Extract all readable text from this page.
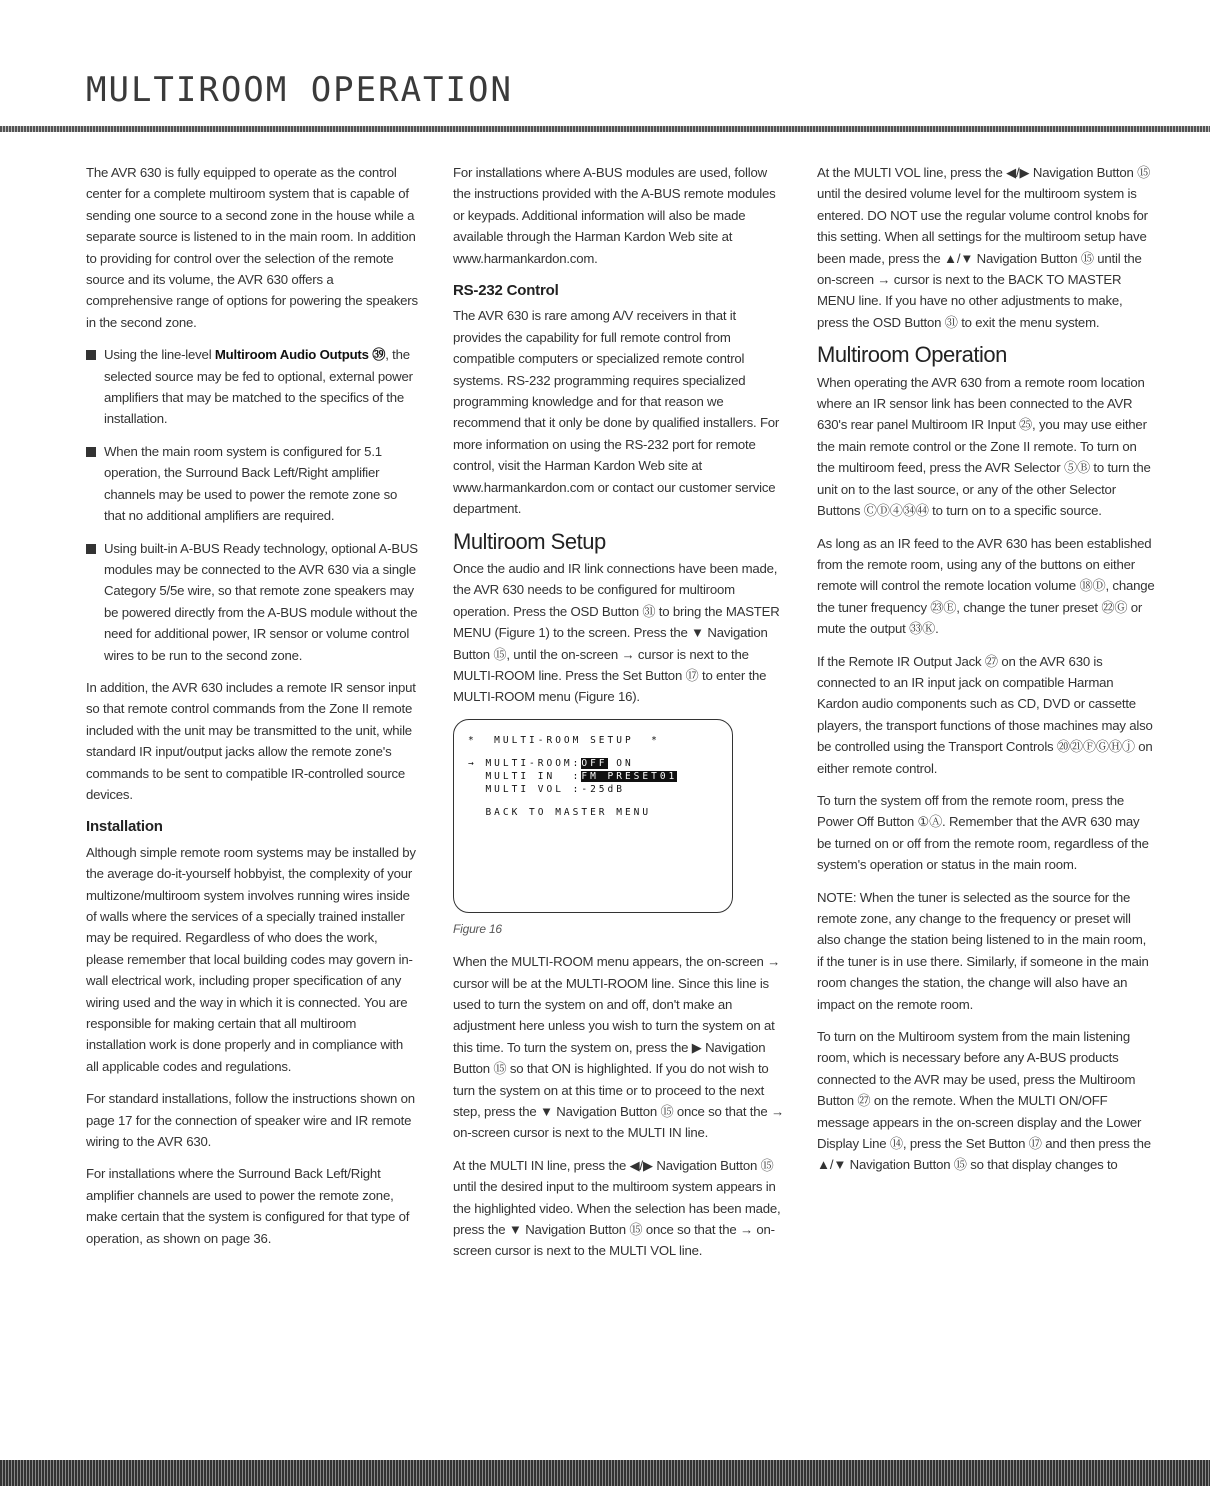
MULTIROOM OPERATION

The AVR 630 is fully equipped to operate as the control center for a complete multiroom system that is capable of sending one source to a second zone in the house while a separate source is listened to in the main room. In addition to providing for control over the selection of the remote source and its volume, the AVR 630 offers a comprehensive range of options for powering the speakers in the second zone.

Using the line-level Multiroom Audio Outputs ㊴, the selected source may be fed to optional, external power amplifiers that may be matched to the specifics of the installation.
When the main room system is configured for 5.1 operation, the Surround Back Left/Right amplifier channels may be used to power the remote zone so that no additional amplifiers are required.
Using built-in A-BUS Ready technology, optional A-BUS modules may be connected to the AVR 630 via a single Category 5/5e wire, so that remote zone speakers may be powered directly from the A-BUS module without the need for additional power, IR sensor or volume control wires to be run to the second zone.

In addition, the AVR 630 includes a remote IR sensor input so that remote control commands from the Zone II remote included with the unit may be transmitted to the unit, while standard IR input/output jacks allow the remote zone's commands to be sent to compatible IR-controlled source devices.

Installation

Although simple remote room systems may be installed by the average do-it-yourself hobbyist, the complexity of your multizone/multiroom system involves running wires inside of walls where the services of a specially trained installer may be required. Regardless of who does the work, please remember that local building codes may govern in-wall electrical work, including proper specification of any wiring used and the way in which it is connected. You are responsible for making certain that all multiroom installation work is done properly and in compliance with all applicable codes and regulations.

For standard installations, follow the instructions shown on page 17 for the connection of speaker wire and IR remote wiring to the AVR 630.

For installations where the Surround Back Left/Right amplifier channels are used to power the remote zone, make certain that the system is configured for that type of operation, as shown on page 36.

For installations where A-BUS modules are used, follow the instructions provided with the A-BUS remote modules or keypads. Additional information will also be made available through the Harman Kardon Web site at www.harmankardon.com.

RS-232 Control

The AVR 630 is rare among A/V receivers in that it provides the capability for full remote control from compatible computers or specialized remote control systems. RS-232 programming requires specialized programming knowledge and for that reason we recommend that it only be done by qualified installers. For more information on using the RS-232 port for remote control, visit the Harman Kardon Web site at www.harmankardon.com or contact our customer service department.

Multiroom Setup

Once the audio and IR link connections have been made, the AVR 630 needs to be configured for multiroom operation. Press the OSD Button ㉛ to bring the MASTER MENU (Figure 1) to the screen. Press the ▼ Navigation Button ⑮, until the on-screen → cursor is next to the MULTI-ROOM line. Press the Set Button ⑰ to enter the MULTI-ROOM menu (Figure 16).

*  MULTI-ROOM SETUP  *
→ MULTI-ROOM:OFF ON
MULTI IN  :FM PRESET01
MULTI VOL :-25dB
BACK TO MASTER MENU

Figure 16

When the MULTI-ROOM menu appears, the on-screen → cursor will be at the MULTI-ROOM line. Since this line is used to turn the system on and off, don't make an adjustment here unless you wish to turn the system on at this time. To turn the system on, press the ▶ Navigation Button ⑮ so that ON is highlighted. If you do not wish to turn the system on at this time or to proceed to the next step, press the ▼ Navigation Button ⑮ once so that the → on-screen cursor is next to the MULTI IN line.

At the MULTI IN line, press the ◀/▶ Navigation Button ⑮ until the desired input to the multiroom system appears in the highlighted video. When the selection has been made, press the ▼ Navigation Button ⑮ once so that the → on-screen cursor is next to the MULTI VOL line.

At the MULTI VOL line, press the ◀/▶ Navigation Button ⑮ until the desired volume level for the multiroom system is entered. DO NOT use the regular volume control knobs for this setting. When all settings for the multiroom setup have been made, press the ▲/▼ Navigation Button ⑮ until the on-screen → cursor is next to the BACK TO MASTER MENU line. If you have no other adjustments to make, press the OSD Button ㉛ to exit the menu system.

Multiroom Operation

When operating the AVR 630 from a remote room location where an IR sensor link has been connected to the AVR 630's rear panel Multiroom IR Input ㉕, you may use either the main remote control or the Zone II remote. To turn on the multiroom feed, press the AVR Selector ⑤Ⓑ to turn the unit on to the last source, or any of the other Selector Buttons ⒸⒹ④㉞㊹ to turn on to a specific source.

As long as an IR feed to the AVR 630 has been established from the remote room, using any of the buttons on either remote will control the remote location volume ⑱Ⓓ, change the tuner frequency ㉓Ⓔ, change the tuner preset ㉒Ⓖ or mute the output ㉝Ⓚ.

If the Remote IR Output Jack ㉗ on the AVR 630 is connected to an IR input jack on compatible Harman Kardon audio components such as CD, DVD or cassette players, the transport functions of those machines may also be controlled using the Transport Controls ⑳㉑ⒻⒼⒽⓙ on either remote control.

To turn the system off from the remote room, press the Power Off Button ①Ⓐ. Remember that the AVR 630 may be turned on or off from the remote room, regardless of the system's operation or status in the main room.

NOTE: When the tuner is selected as the source for the remote zone, any change to the frequency or preset will also change the station being listened to in the main room, if the tuner is in use there. Similarly, if someone in the main room changes the station, the change will also have an impact on the remote room.

To turn on the Multiroom system from the main listening room, which is necessary before any A-BUS products connected to the AVR may be used, press the Multiroom Button ㉗ on the remote. When the MULTI ON/OFF message appears in the on-screen display and the Lower Display Line ⑭, press the Set Button ⑰ and then press the ▲/▼ Navigation Button ⑮ so that display changes to
